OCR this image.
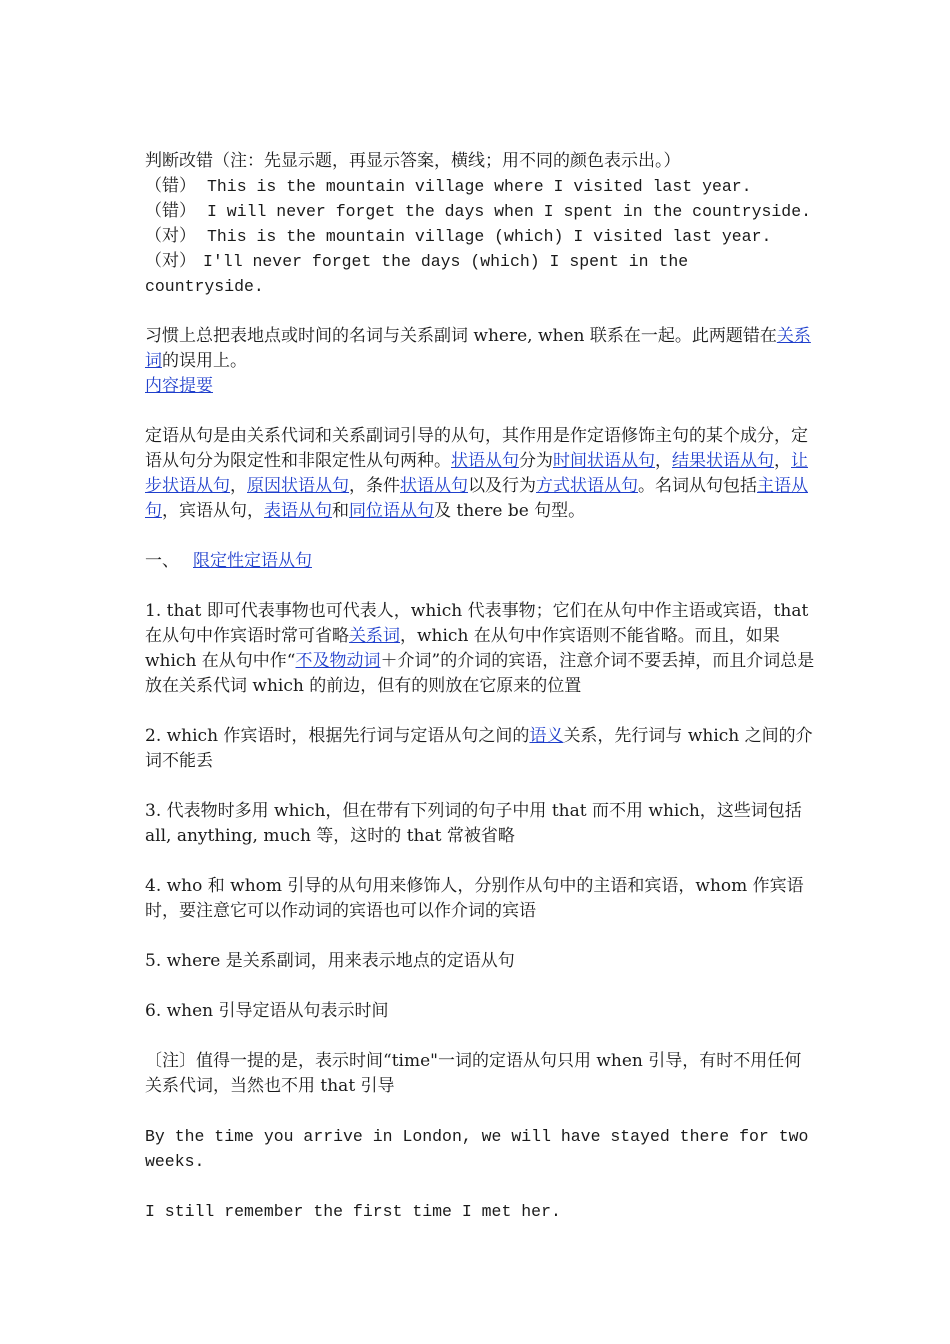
判断改错（注：先显示题，再显示答案，横线；用不同的颜色表示出。）

（错） This is the mountain village where I visited last year.

（错） I will never forget the days when I spent in the countryside.

（对） This is the mountain village (which) I visited last year.

（对） I'll never forget the days (which) I spent in the countryside.

习惯上总把表地点或时间的名词与关系副词 where, when 联系在一起。此两题错在关系词的误用上。

内容提要

定语从句是由关系代词和关系副词引导的从句，其作用是作定语修饰主句的某个成分，定语从句分为限定性和非限定性从句两种。状语从句分为时间状语从句，结果状语从句，让步状语从句，原因状语从句，条件状语从句以及行为方式状语从句。名词从句包括主语从句，宾语从句，表语从句和同位语从句及 there be 句型。

一、 限定性定语从句

1. that 即可代表事物也可代表人，which 代表事物；它们在从句中作主语或宾语，that 在从句中作宾语时常可省略关系词，which 在从句中作宾语则不能省略。而且，如果 which 在从句中作“不及物动词＋介词”的介词的宾语，注意介词不要丢掉，而且介词总是放在关系代词 which 的前边，但有的则放在它原来的位置

2. which 作宾语时，根据先行词与定语从句之间的语义关系，先行词与 which 之间的介词不能丢

3. 代表物时多用 which，但在带有下列词的句子中用 that 而不用 which，这些词包括 all, anything, much 等，这时的 that 常被省略

4. who 和 whom 引导的从句用来修饰人，分别作从句中的主语和宾语，whom 作宾语时，要注意它可以作动词的宾语也可以作介词的宾语

5. where 是关系副词，用来表示地点的定语从句

6. when 引导定语从句表示时间

〔注〕值得一提的是，表示时间“time"一词的定语从句只用 when 引导，有时不用任何关系代词，当然也不用 that 引导

By the time you arrive in London, we will have stayed there for two weeks.

I still remember the first time I met her.
